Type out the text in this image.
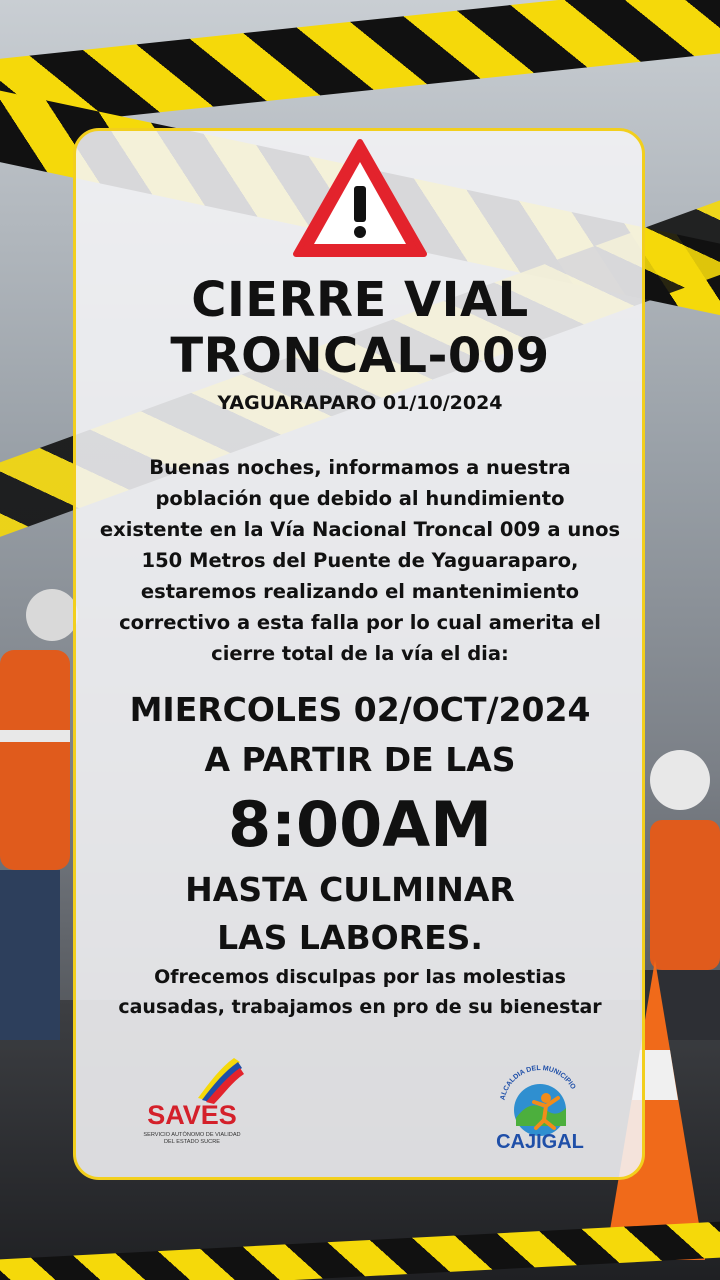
CIERRE VIAL
TRONCAL-009
YAGUARAPARO 01/10/2024
Buenas noches, informamos a nuestra
población que debido al hundimiento
existente en la Vía Nacional Troncal 009 a unos
150 Metros del Puente de Yaguaraparo,
estaremos realizando el mantenimiento
correctivo a esta falla por lo cual amerita el
cierre total de la vía el dia:
MIERCOLES 02/OCT/2024
A PARTIR DE LAS
8:00AM
HASTA CULMINAR
LAS LABORES.
Ofrecemos disculpas por las molestias
causadas, trabajamos en pro de su bienestar
SAVES
SERVICIO AUTÓNOMO DE VIALIDAD
DEL ESTADO SUCRE
ALCALDIA DEL MUNICIPIO
CAJIGAL
